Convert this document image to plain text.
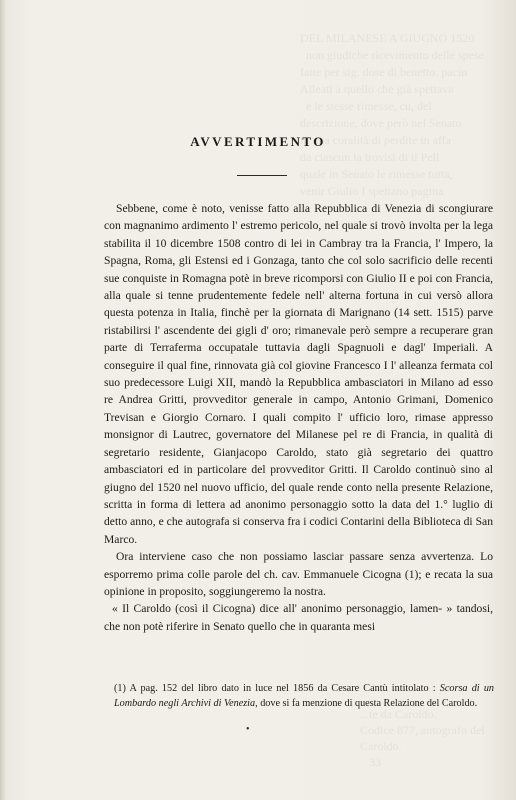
DEL MILANESE A GIUGNO 1520
non giudiche ricevimento delle spese
fatte per sig. dose di benetto. pacin
Alleati a quello che già spettava
e le stesse rimesse, cu, del
descrizione, dove però nel Senato
in una coralità di perdite in affa
da ciascun la trovisi di il Pell
quale in Senato le rimesse tutta,
venir Giulio I spettano pagina

...te da Caroldo.
Codice 877, autografo del Caroldo.
33
AVVERTIMENTO

Sebbene, come è noto, venisse fatto alla Repubblica di Venezia di scongiurare con magnanimo ardimento l' estremo pericolo, nel quale si trovò involta per la lega stabilita il 10 dicembre 1508 contro di lei in Cambray tra la Francia, l' Impero, la Spagna, Roma, gli Estensi ed i Gonzaga, tanto che col solo sacrificio delle recenti sue conquiste in Romagna potè in breve ricomporsi con Giulio II e poi con Francia, alla quale si tenne prudentemente fedele nell' alterna fortuna in cui versò allora questa potenza in Italia, finchè per la giornata di Marignano (14 sett. 1515) parve ristabilirsi l' ascendente dei gigli d' oro; rimanevale però sempre a recuperare gran parte di Terraferma occupatale tuttavia dagli Spagnuoli e dagl' Imperiali. A conseguire il qual fine, rinnovata già col giovine Francesco I l' alleanza fermata col suo predecessore Luigi XII, mandò la Repubblica ambasciatori in Milano ad esso re Andrea Gritti, provveditor generale in campo, Antonio Grimani, Domenico Trevisan e Giorgio Cornaro. I quali compito l' ufficio loro, rimase appresso monsignor di Lautrec, governatore del Milanese pel re di Francia, in qualità di segretario residente, Gianjacopo Caroldo, stato già segretario dei quattro ambasciatori ed in particolare del provveditor Gritti. Il Caroldo continuò sino al giugno del 1520 nel nuovo ufficio, del quale rende conto nella presente Relazione, scritta in forma di lettera ad anonimo personaggio sotto la data del 1.° luglio di detto anno, e che autografa si conserva fra i codici Contarini della Biblioteca di San Marco.

Ora interviene caso che non possiamo lasciar passare senza avvertenza. Lo esporremo prima colle parole del ch. cav. Emmanuele Cicogna (1); e recata la sua opinione in proposito, soggiungeremo la nostra.

« Il Caroldo (così il Cicogna) dice all' anonimo personaggio, lamen- » tandosi, che non potè riferire in Senato quello che in quaranta mesi

(1) A pag. 152 del libro dato in luce nel 1856 da Cesare Cantù intitolato : Scorsa di un Lombardo negli Archivi di Venezia, dove si fa menzione di questa Relazione del Caroldo.

•
